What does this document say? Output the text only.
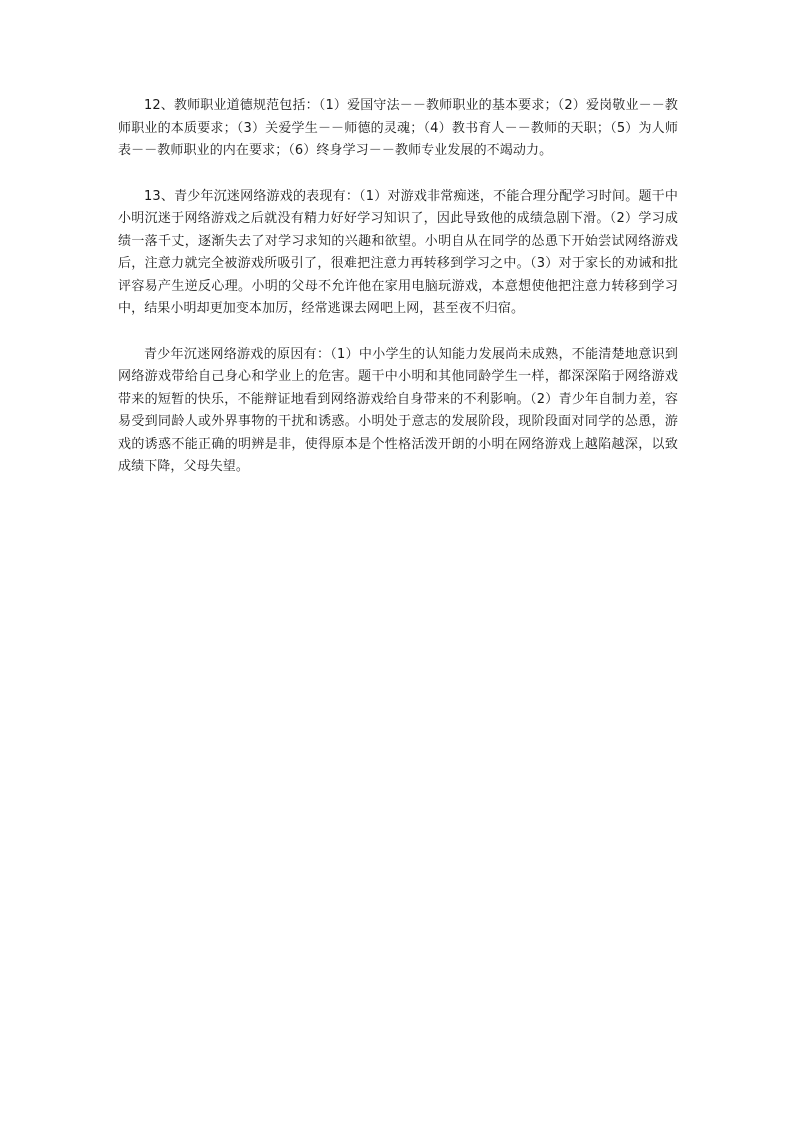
12、教师职业道德规范包括：（1）爱国守法－－教师职业的基本要求；（2）爱岗敬业－－教师职业的本质要求；（3）关爱学生－－师德的灵魂；（4）教书育人－－教师的天职；（5）为人师表－－教师职业的内在要求；（6）终身学习－－教师专业发展的不竭动力。

13、青少年沉迷网络游戏的表现有：（1）对游戏非常痴迷，不能合理分配学习时间。题干中小明沉迷于网络游戏之后就没有精力好好学习知识了，因此导致他的成绩急剧下滑。（2）学习成绩一落千丈，逐渐失去了对学习求知的兴趣和欲望。小明自从在同学的怂恿下开始尝试网络游戏后，注意力就完全被游戏所吸引了，很难把注意力再转移到学习之中。（3）对于家长的劝诫和批评容易产生逆反心理。小明的父母不允许他在家用电脑玩游戏，本意想使他把注意力转移到学习中，结果小明却更加变本加厉，经常逃课去网吧上网，甚至夜不归宿。

青少年沉迷网络游戏的原因有：（1）中小学生的认知能力发展尚未成熟，不能清楚地意识到网络游戏带给自己身心和学业上的危害。题干中小明和其他同龄学生一样，都深深陷于网络游戏带来的短暂的快乐，不能辩证地看到网络游戏给自身带来的不利影响。（2）青少年自制力差，容易受到同龄人或外界事物的干扰和诱惑。小明处于意志的发展阶段，现阶段面对同学的怂恿，游戏的诱惑不能正确的明辨是非，使得原本是个性格活泼开朗的小明在网络游戏上越陷越深，以致成绩下降，父母失望。
